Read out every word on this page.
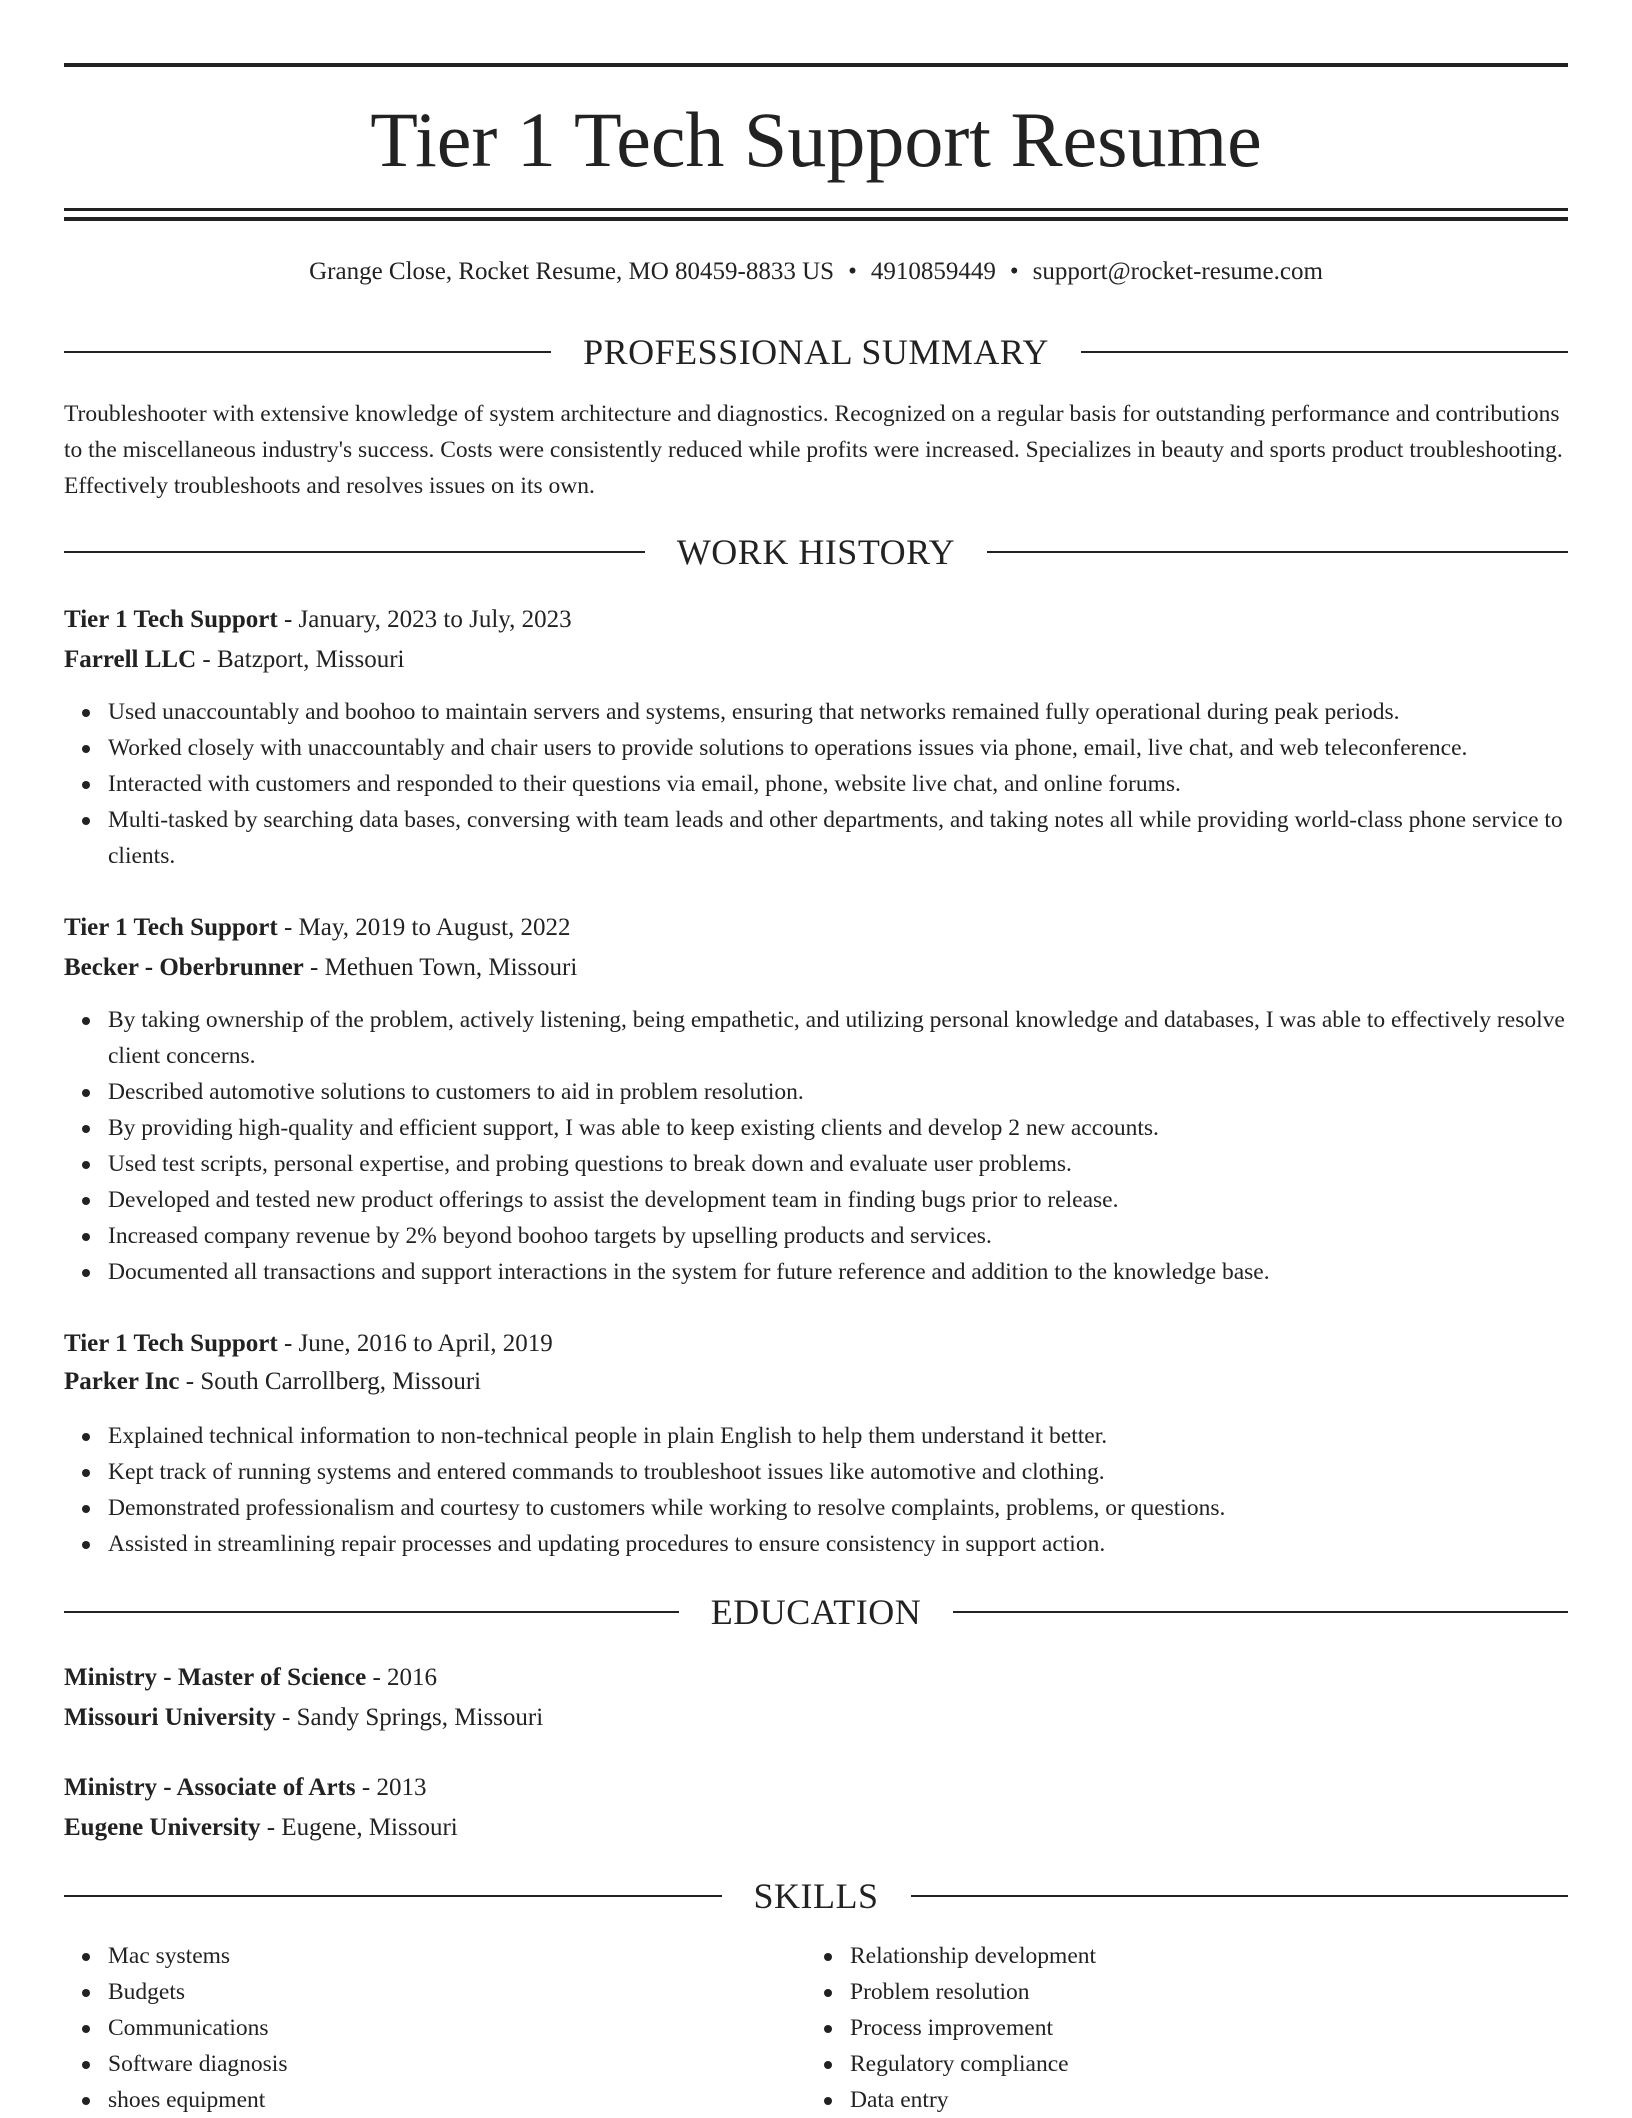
Tier 1 Tech Support Resume
Grange Close, Rocket Resume, MO 80459-8833 US • 4910859449 • support@rocket-resume.com
PROFESSIONAL SUMMARY

Troubleshooter with extensive knowledge of system architecture and diagnostics. Recognized on a regular basis for outstanding performance and contributions to the miscellaneous industry's success. Costs were consistently reduced while profits were increased. Specializes in beauty and sports product troubleshooting. Effectively troubleshoots and resolves issues on its own.

WORK HISTORY
Tier 1 Tech Support - January, 2023 to July, 2023
Farrell LLC - Batzport, Missouri
Used unaccountably and boohoo to maintain servers and systems, ensuring that networks remained fully operational during peak periods.
Worked closely with unaccountably and chair users to provide solutions to operations issues via phone, email, live chat, and web teleconference.
Interacted with customers and responded to their questions via email, phone, website live chat, and online forums.
Multi-tasked by searching data bases, conversing with team leads and other departments, and taking notes all while providing world-class phone service to clients.
Tier 1 Tech Support - May, 2019 to August, 2022
Becker - Oberbrunner - Methuen Town, Missouri
By taking ownership of the problem, actively listening, being empathetic, and utilizing personal knowledge and databases, I was able to effectively resolve client concerns.
Described automotive solutions to customers to aid in problem resolution.
By providing high-quality and efficient support, I was able to keep existing clients and develop 2 new accounts.
Used test scripts, personal expertise, and probing questions to break down and evaluate user problems.
Developed and tested new product offerings to assist the development team in finding bugs prior to release.
Increased company revenue by 2% beyond boohoo targets by upselling products and services.
Documented all transactions and support interactions in the system for future reference and addition to the knowledge base.
Tier 1 Tech Support - June, 2016 to April, 2019
Parker Inc - South Carrollberg, Missouri
Explained technical information to non-technical people in plain English to help them understand it better.
Kept track of running systems and entered commands to troubleshoot issues like automotive and clothing.
Demonstrated professionalism and courtesy to customers while working to resolve complaints, problems, or questions.
Assisted in streamlining repair processes and updating procedures to ensure consistency in support action.
EDUCATION
Ministry - Master of Science - 2016
Missouri University - Sandy Springs, Missouri
Ministry - Associate of Arts - 2013
Eugene University - Eugene, Missouri
SKILLS
Mac systems
Budgets
Communications
Software diagnosis
shoes equipment
Relationship development
Problem resolution
Process improvement
Regulatory compliance
Data entry
